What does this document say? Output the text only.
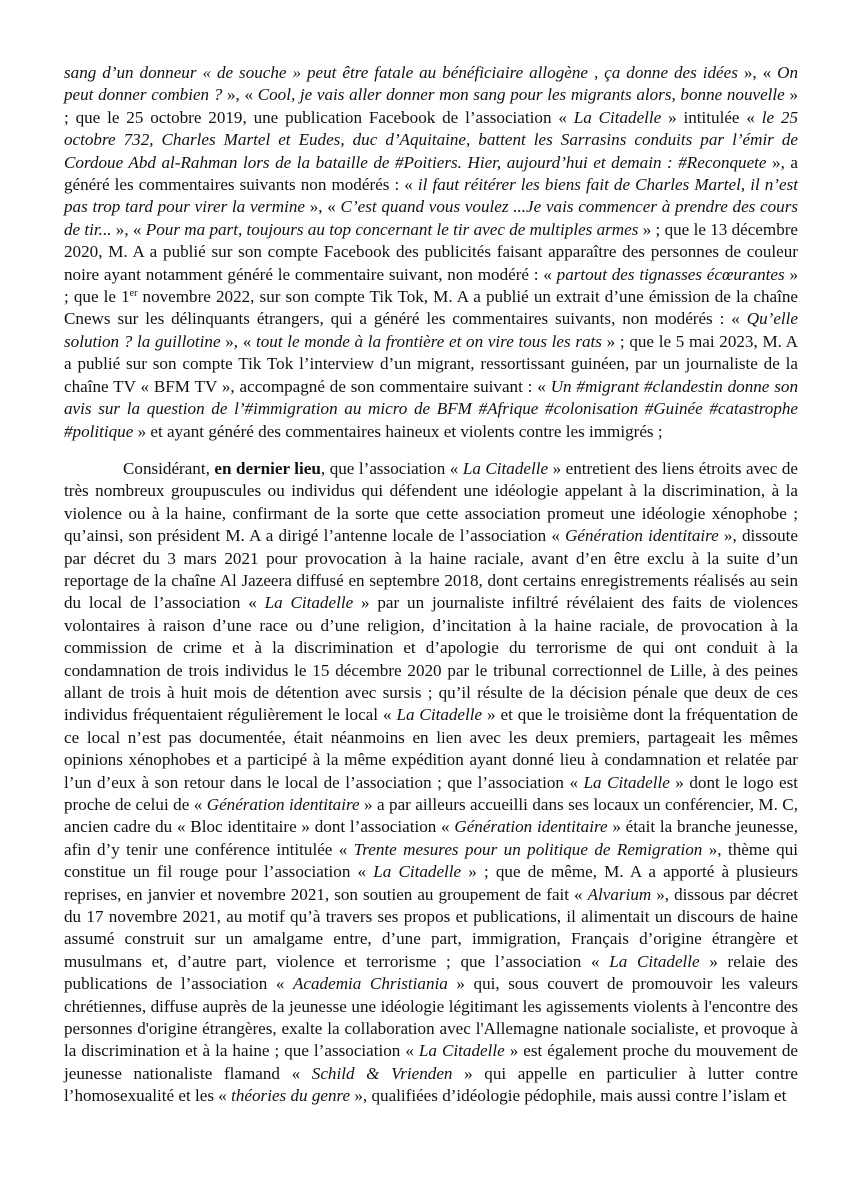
sang d’un donneur « de souche » peut être fatale au bénéficiaire allogène , ça donne des idées », « On peut donner combien ? », « Cool, je vais aller donner mon sang pour les migrants alors, bonne nouvelle » ; que le 25 octobre 2019, une publication Facebook de l’association « La Citadelle » intitulée « le 25 octobre 732, Charles Martel et Eudes, duc d’Aquitaine, battent les Sarrasins conduits par l’émir de Cordoue Abd al-Rahman lors de la bataille de #Poitiers. Hier, aujourd’hui et demain : #Reconquete », a généré les commentaires suivants non modérés : « il faut réitérer les biens fait de Charles Martel, il n’est pas trop tard pour virer la vermine », « C’est quand vous voulez ...Je vais commencer à prendre des cours de tir... », « Pour ma part, toujours au top concernant le tir avec de multiples armes » ; que le 13 décembre 2020, M. A a publié sur son compte Facebook des publicités faisant apparaître des personnes de couleur noire ayant notamment généré le commentaire suivant, non modéré : « partout des tignasses écœurantes » ; que le 1er novembre 2022, sur son compte Tik Tok, M. A a publié un extrait d’une émission de la chaîne Cnews sur les délinquants étrangers, qui a généré les commentaires suivants, non modérés : « Qu’elle solution ? la guillotine », « tout le monde à la frontière et on vire tous les rats » ; que le 5 mai 2023, M. A a publié sur son compte Tik Tok l’interview d’un migrant, ressortissant guinéen, par un journaliste de la chaîne TV « BFM TV », accompagné de son commentaire suivant : « Un #migrant #clandestin donne son avis sur la question de l’#immigration au micro de BFM #Afrique #colonisation #Guinée #catastrophe #politique » et ayant généré des commentaires haineux et violents contre les immigrés ;

Considérant, en dernier lieu, que l’association « La Citadelle » entretient des liens étroits avec de très nombreux groupuscules ou individus qui défendent une idéologie appelant à la discrimination, à la violence ou à la haine, confirmant de la sorte que cette association promeut une idéologie xénophobe ; qu’ainsi, son président M. A a dirigé l’antenne locale de l’association « Génération identitaire », dissoute par décret du 3 mars 2021 pour provocation à la haine raciale, avant d’en être exclu à la suite d’un reportage de la chaîne Al Jazeera diffusé en septembre 2018, dont certains enregistrements réalisés au sein du local de l’association « La Citadelle » par un journaliste infiltré révélaient des faits de violences volontaires à raison d’une race ou d’une religion, d’incitation à la haine raciale, de provocation à la commission de crime et à la discrimination et d’apologie du terrorisme de qui ont conduit à la condamnation de trois individus le 15 décembre 2020 par le tribunal correctionnel de Lille, à des peines allant de trois à huit mois de détention avec sursis ; qu’il résulte de la décision pénale que deux de ces individus fréquentaient régulièrement le local « La Citadelle » et que le troisième dont la fréquentation de ce local n’est pas documentée, était néanmoins en lien avec les deux premiers, partageait les mêmes opinions xénophobes et a participé à la même expédition ayant donné lieu à condamnation et relatée par l’un d’eux à son retour dans le local de l’association ; que l’association « La Citadelle » dont le logo est proche de celui de « Génération identitaire » a par ailleurs accueilli dans ses locaux un conférencier, M. C, ancien cadre du « Bloc identitaire » dont l’association « Génération identitaire » était la branche jeunesse, afin d’y tenir une conférence intitulée « Trente mesures pour un politique de Remigration », thème qui constitue un fil rouge pour l’association « La Citadelle » ; que de même, M. A a apporté à plusieurs reprises, en janvier et novembre 2021, son soutien au groupement de fait « Alvarium », dissous par décret du 17 novembre 2021, au motif qu’à travers ses propos et publications, il alimentait un discours de haine assumé construit sur un amalgame entre, d’une part, immigration, Français d’origine étrangère et musulmans et, d’autre part, violence et terrorisme ; que l’association « La Citadelle » relaie des publications de l’association « Academia Christiania » qui, sous couvert de promouvoir les valeurs chrétiennes, diffuse auprès de la jeunesse une idéologie légitimant les agissements violents à l'encontre des personnes d'origine étrangères, exalte la collaboration avec l'Allemagne nationale socialiste, et provoque à la discrimination et à la haine ; que l’association « La Citadelle » est également proche du mouvement de jeunesse nationaliste flamand « Schild & Vrienden » qui appelle en particulier à lutter contre l’homosexualité et les « théories du genre », qualifiées d’idéologie pédophile, mais aussi contre l’islam et
